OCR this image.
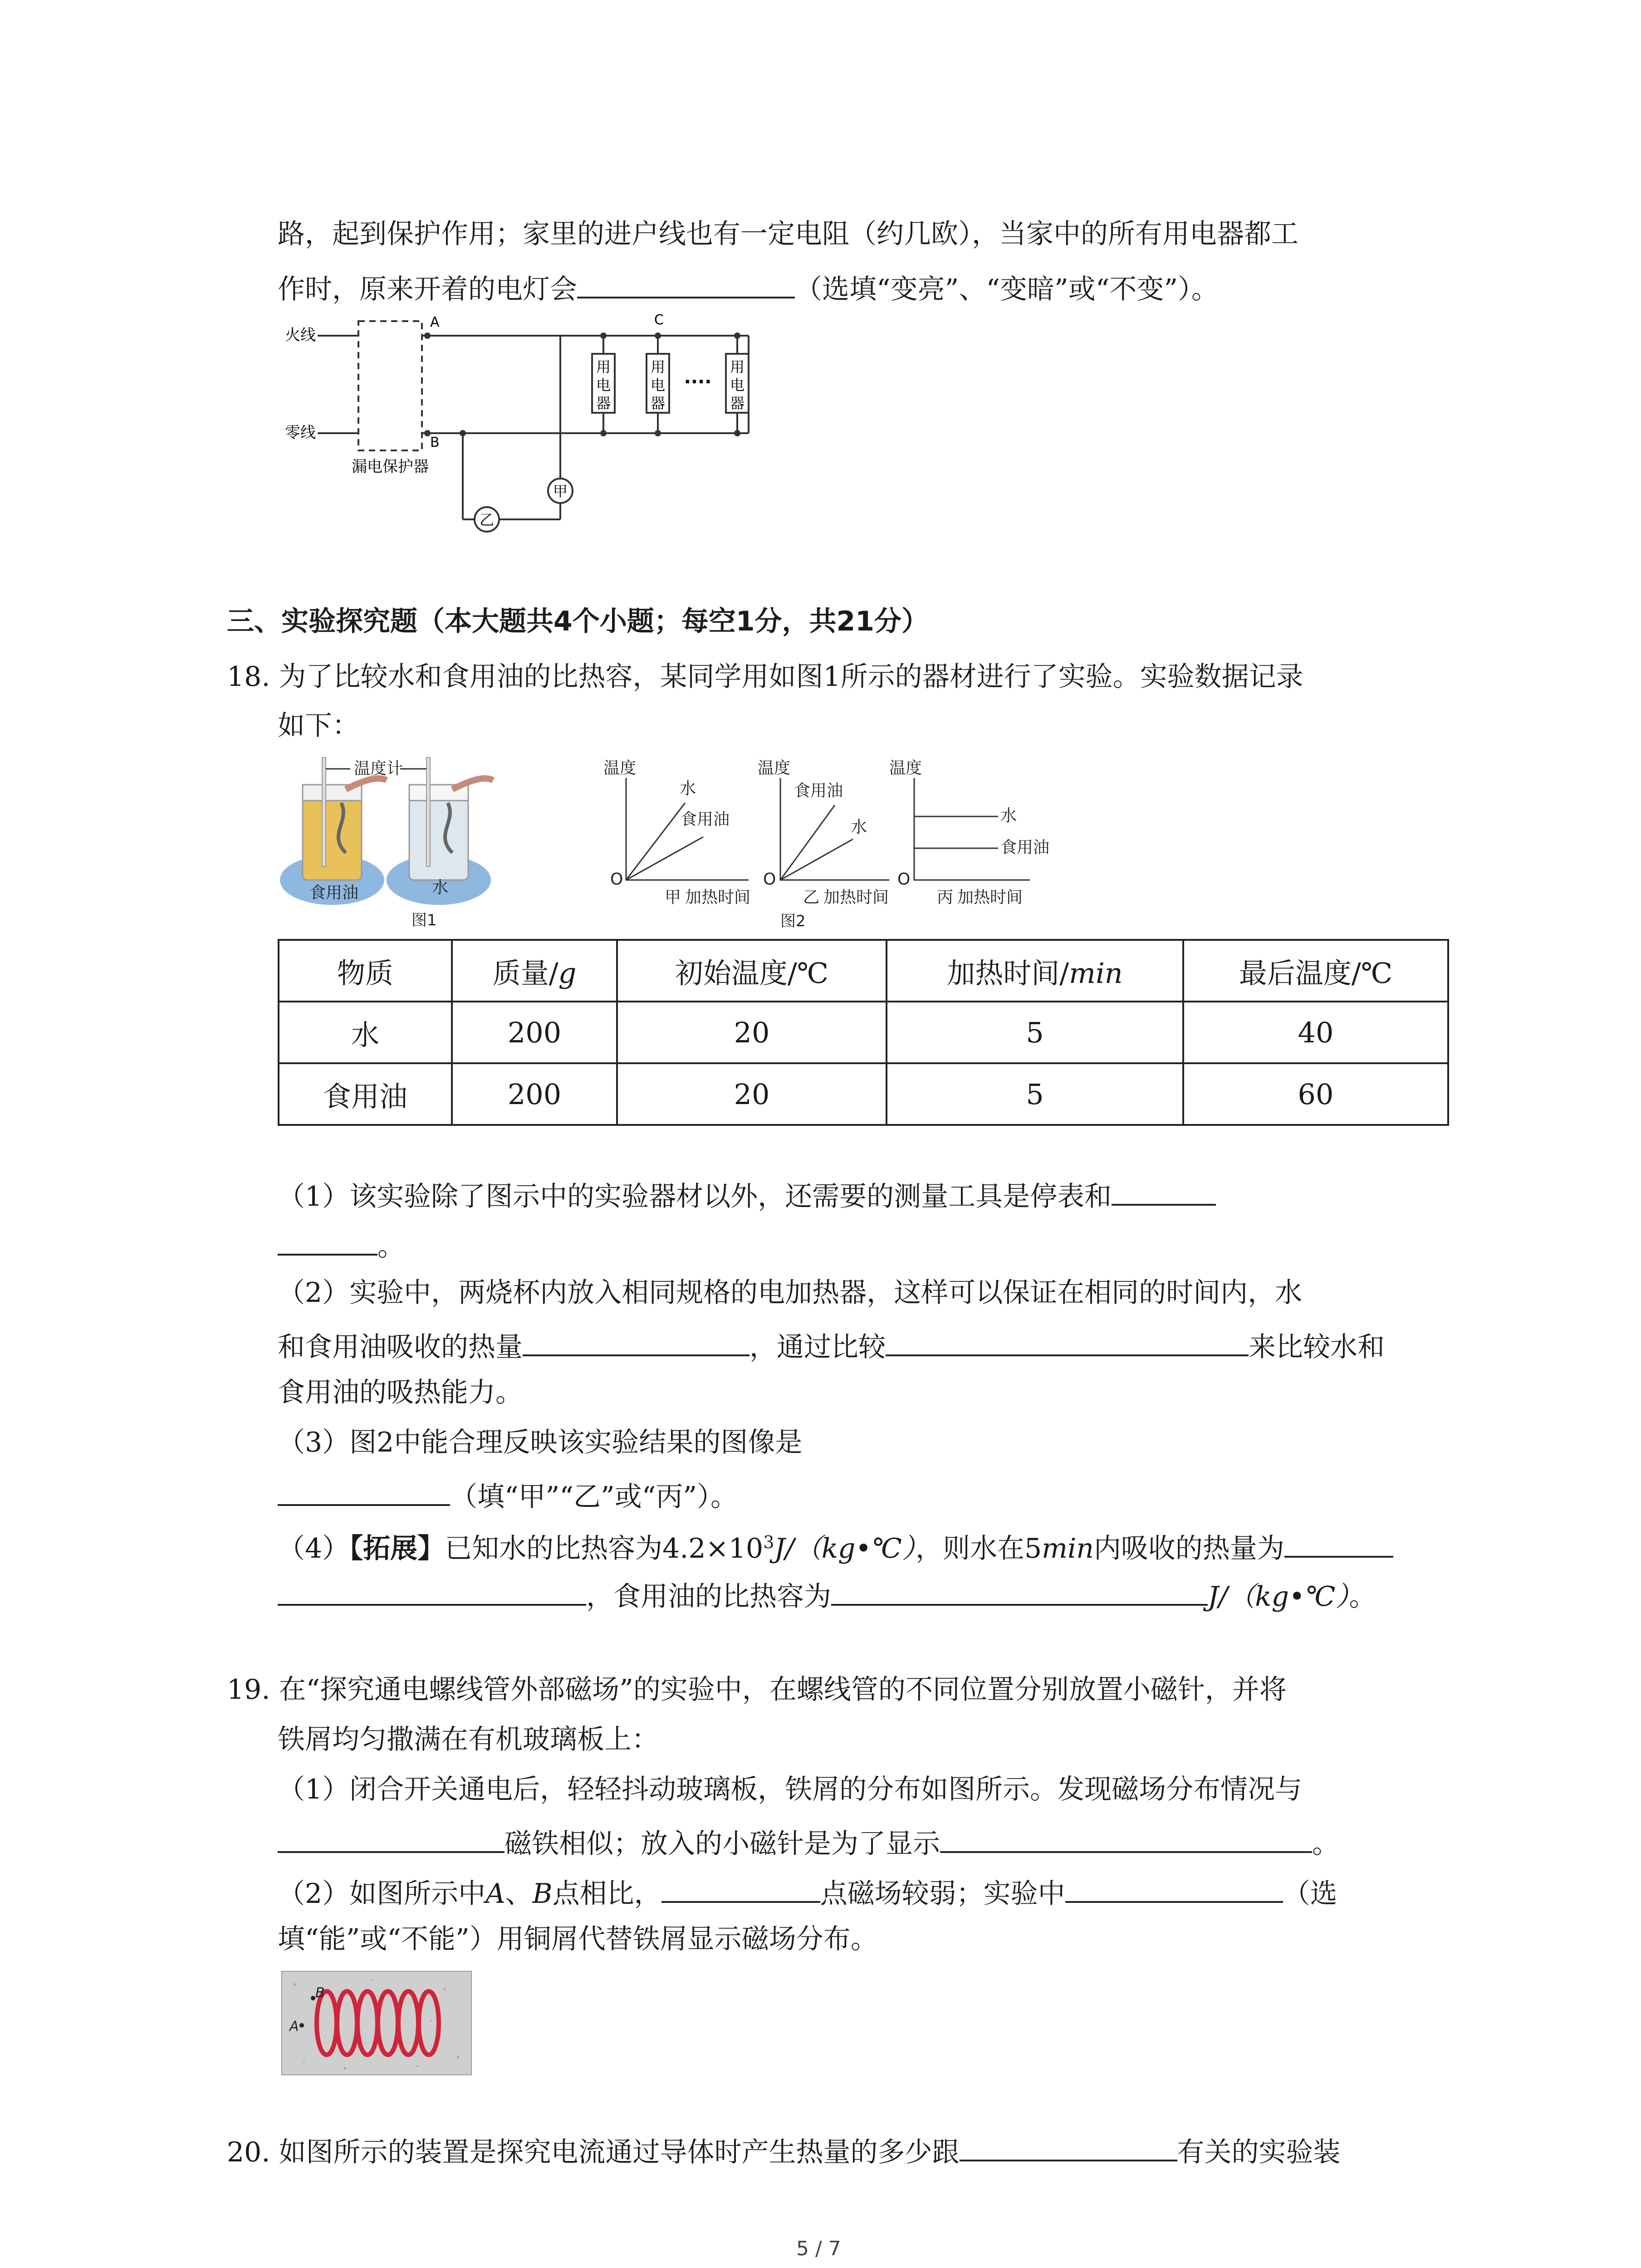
路，起到保护作用；家里的进户线也有一定电阻（约几欧），当家中的所有用电器都工
作时，原来开着的电灯会	（选填“变亮”、“变暗”或“不变”）。
火线
零线
漏电保护器
A
B
C
用
电
器
用
电
器
用
电
器
····
甲
乙
三、实验探究题（本大题共4个小题；每空1分，共21分）
18. 为了比较水和食用油的比热容，某同学用如图1所示的器材进行了实验。实验数据记录
如下：
温度计
食用油	水
图1
温度	温度	温度
O	O	O
水
食用油
食用油
水
水
食用油
甲 加热时间	乙 加热时间	丙 加热时间
图2
物质	质量/g	初始温度/℃	加热时间/min	最后温度/℃
水	200	20	5	40
食用油	200	20	5	60
（1）该实验除了图示中的实验器材以外，还需要的测量工具是停表和
。
（2）实验中，两烧杯内放入相同规格的电加热器，这样可以保证在相同的时间内，水
和食用油吸收的热量	，通过比较	来比较水和
食用油的吸热能力。
（3）图2中能合理反映该实验结果的图像是
（填“甲”“乙”或“丙”）。
（4）【拓展】已知水的比热容为$4.2\times 10^3J/(kg•℃)$，则水在5min内吸收的热量为
，食用油的比热容为	J/（kg•℃）。
19. 在“探究通电螺线管外部磁场”的实验中，在螺线管的不同位置分别放置小磁针，并将
铁屑均匀撒满在有机玻璃板上：
（1）闭合开关通电后，轻轻抖动玻璃板，铁屑的分布如图所示。发现磁场分布情况与
磁铁相似；放入的小磁针是为了显示	。
（2）如图所示中A、B点相比，	点磁场较弱；实验中	（选
填“能”或“不能”）用铜屑代替铁屑显示磁场分布。
B
A
20. 如图所示的装置是探究电流通过导体时产生热量的多少跟	有关的实验装
5 / 7
